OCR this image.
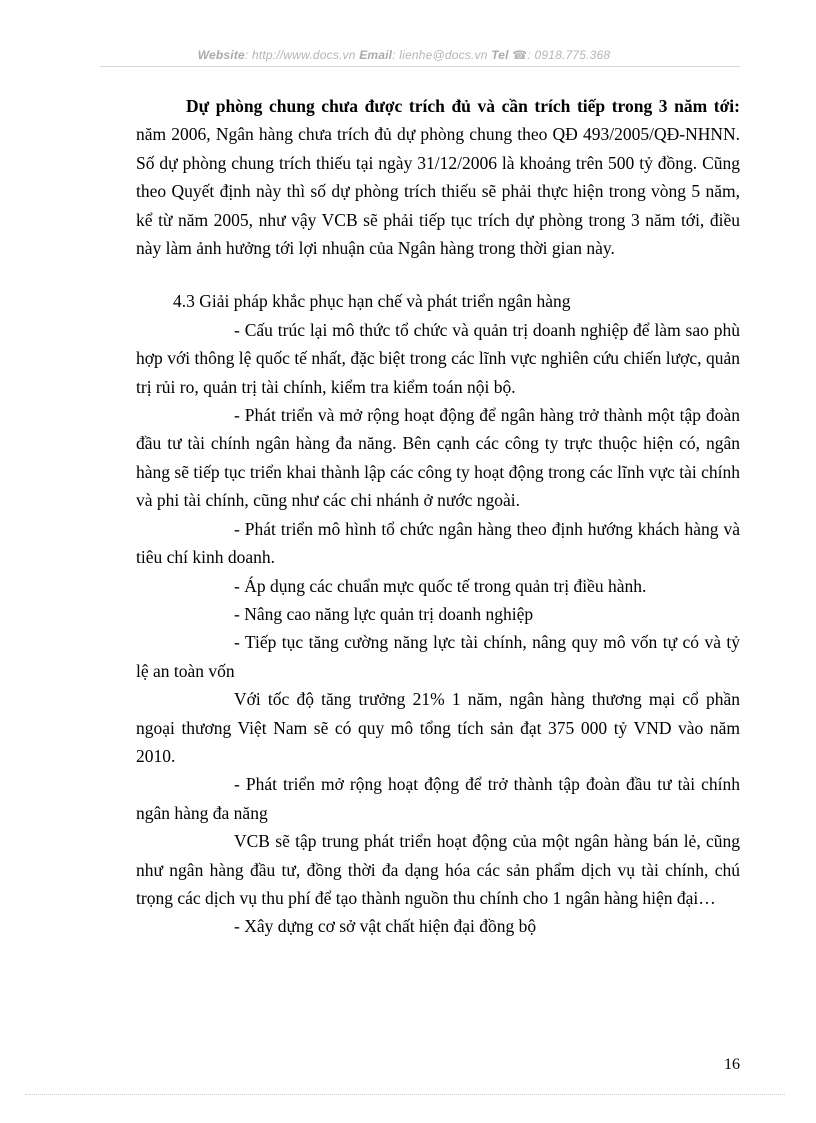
Website: http://www.docs.vn Email: lienhe@docs.vn Tel ☎: 0918.775.368

Dự phòng chung chưa được trích đủ và cần trích tiếp trong 3 năm tới: năm 2006, Ngân hàng chưa trích đủ dự phòng chung theo QĐ 493/2005/QĐ-NHNN. Số dự phòng chung trích thiếu tại ngày 31/12/2006 là khoảng trên 500 tỷ đồng. Cũng theo Quyết định này thì số dự phòng trích thiếu sẽ phải thực hiện trong vòng 5 năm, kể từ năm 2005, như vậy VCB sẽ phải tiếp tục trích dự phòng trong 3 năm tới, điều này làm ảnh hưởng tới lợi nhuận của Ngân hàng trong thời gian này.

4.3 Giải pháp khắc phục hạn chế và phát triển ngân hàng

- Cấu trúc lại mô thức tổ chức và quản trị doanh nghiệp để làm sao phù hợp với thông lệ quốc tế nhất, đặc biệt trong các lĩnh vực nghiên cứu chiến lược, quản trị rủi ro, quản trị tài chính, kiểm tra kiểm toán nội bộ.

- Phát triển và mở rộng hoạt động để ngân hàng trở thành một tập đoàn đầu tư tài chính ngân hàng đa năng. Bên cạnh các công ty trực thuộc hiện có, ngân hàng sẽ tiếp tục triển khai thành lập các công ty hoạt động trong các lĩnh vực tài chính và phi tài chính, cũng như các chi nhánh ở nước ngoài.

- Phát triển mô hình tổ chức ngân hàng theo định hướng khách hàng và tiêu chí kinh doanh.

- Áp dụng các chuẩn mực quốc tế trong quản trị điều hành.

- Nâng cao năng lực quản trị doanh nghiệp

- Tiếp tục tăng cường năng lực tài chính, nâng quy mô vốn tự có và tỷ lệ an toàn vốn

Với tốc độ tăng trưởng 21% 1 năm, ngân hàng thương mại cổ phần ngoại thương Việt Nam sẽ có quy mô tổng tích sản đạt 375 000 tỷ VND vào năm 2010.

- Phát triển mở rộng hoạt động để trở thành tập đoàn đầu tư tài chính ngân hàng đa năng

VCB sẽ tập trung phát triển hoạt động của một ngân hàng bán lẻ, cũng như ngân hàng đầu tư, đồng thời đa dạng hóa các sản phẩm dịch vụ tài chính, chú trọng các dịch vụ thu phí để tạo thành nguồn thu chính cho 1 ngân hàng hiện đại…

- Xây dựng cơ sở vật chất hiện đại đồng bộ

16
